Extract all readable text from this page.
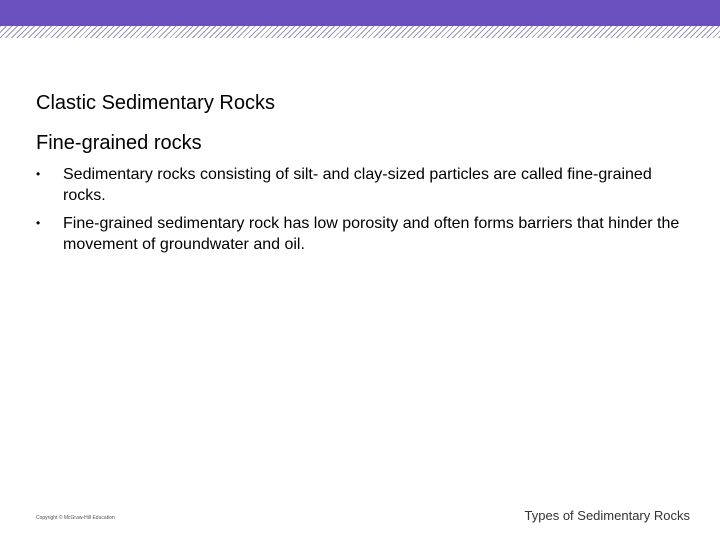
Clastic Sedimentary Rocks
Fine-grained rocks
•	Sedimentary rocks consisting of silt- and clay-sized particles are called fine-grained rocks.
•	Fine-grained sedimentary rock has low porosity and often forms barriers that hinder the movement of groundwater and oil.
Copyright © McGraw-Hill Education	Types of Sedimentary Rocks
